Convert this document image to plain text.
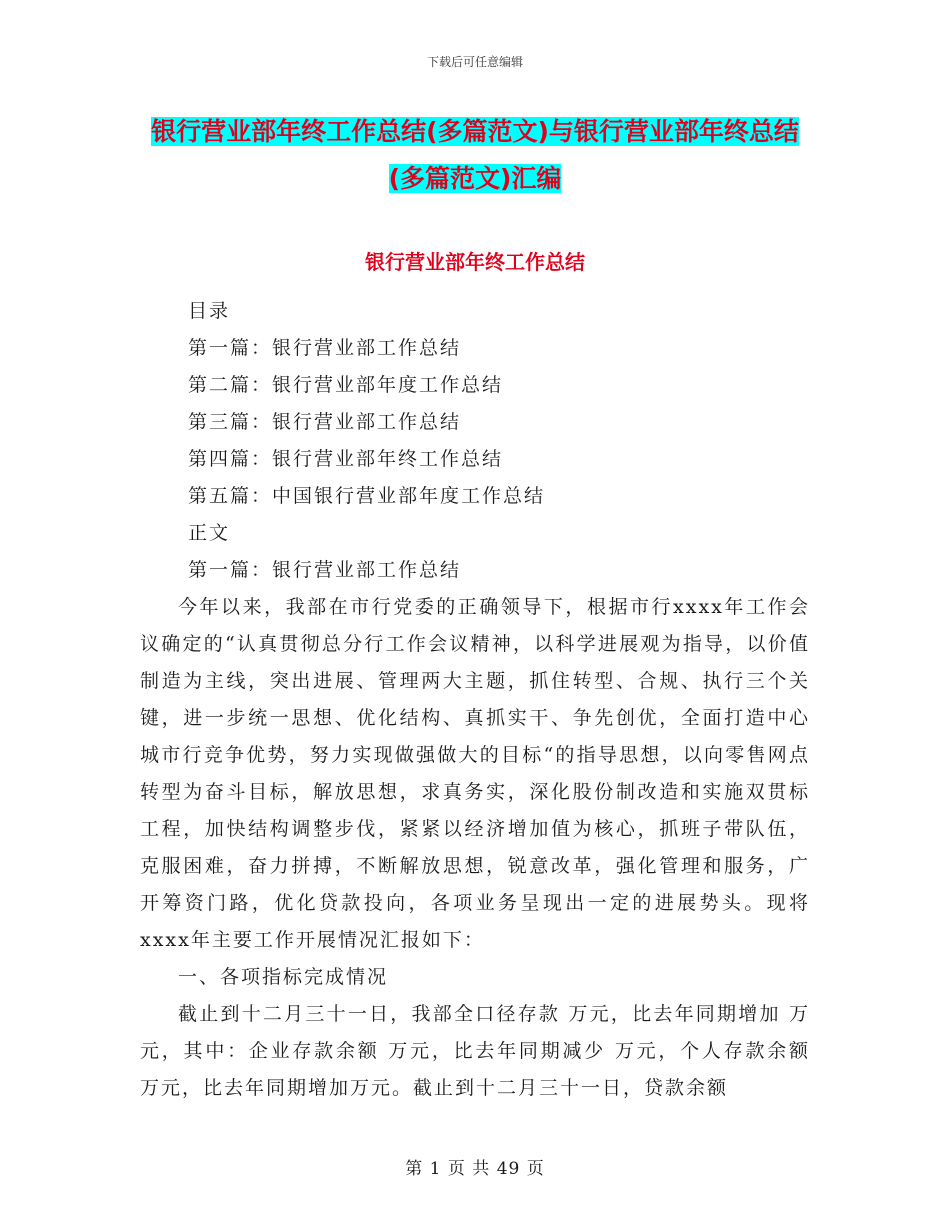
下载后可任意编辑
银行营业部年终工作总结(多篇范文)与银行营业部年终总结(多篇范文)汇编
银行营业部年终工作总结
目录
第一篇：银行营业部工作总结
第二篇：银行营业部年度工作总结
第三篇：银行营业部工作总结
第四篇：银行营业部年终工作总结
第五篇：中国银行营业部年度工作总结
正文
第一篇：银行营业部工作总结

今年以来，我部在市行党委的正确领导下，根据市行xxxx年工作会议确定的“认真贯彻总分行工作会议精神，以科学进展观为指导，以价值制造为主线，突出进展、管理两大主题，抓住转型、合规、执行三个关键，进一步统一思想、优化结构、真抓实干、争先创优，全面打造中心城市行竞争优势，努力实现做强做大的目标“的指导思想，以向零售网点转型为奋斗目标，解放思想，求真务实，深化股份制改造和实施双贯标工程，加快结构调整步伐，紧紧以经济增加值为核心，抓班子带队伍，克服困难，奋力拼搏，不断解放思想，锐意改革，强化管理和服务，广开筹资门路，优化贷款投向，各项业务呈现出一定的进展势头。现将xxxx年主要工作开展情况汇报如下：

一、各项指标完成情况

截止到十二月三十一日，我部全口径存款 万元，比去年同期增加 万元，其中：企业存款余额 万元，比去年同期减少 万元，个人存款余额 万元，比去年同期增加万元。截止到十二月三十一日，贷款余额

第 1 页 共 49 页
